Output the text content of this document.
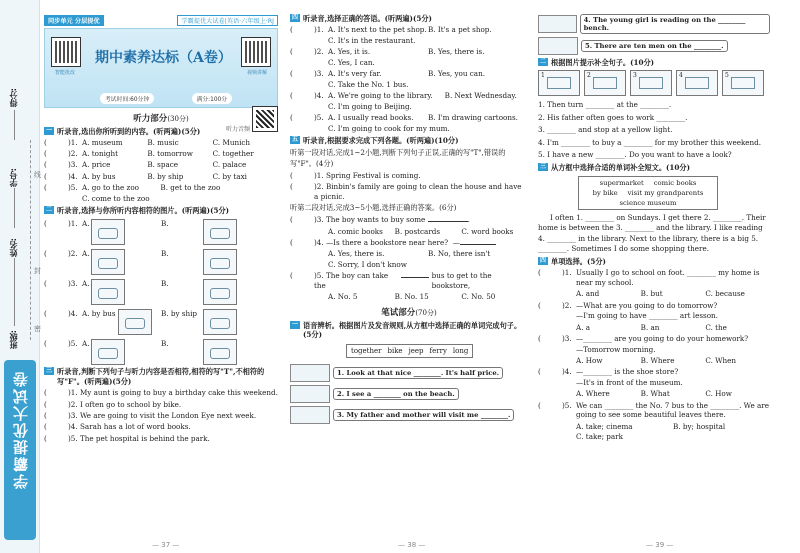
得分:
学号:
姓名:
班级:
线
封
密
学霸提优大试卷
同步单元 分层提优	学霸提优大试卷|英语·六年级上·RJ
智能批改
期中素养达标（A卷）
视频讲解
考试时间:60分钟	满分:100分
听力部分(30分)
听力音频
一 听录音,选出你所听到的内容。(听两遍)(5分)
(	)1. A. museum	B. music	C. Munich
(	)2. A. tonight	B. tomorrow	C. together
(	)3. A. price	B. space	C. palace
(	)4. A. by bus	B. by ship	C. by taxi
(	)5. A. go to the zoo	B. get to the zoo
C. come to the zoo
二 听录音,选择与你所听内容相符的图片。(听两遍)(5分)
(	)1. A.	B.
(	)2. A.	B.
(	)3. A.	B.
(	)4. A. by bus	B. by ship
(	)5. A.	B.
三 听录音,判断下列句子与听力内容是否相符,相符的写"T",不相符的写"F"。(听两遍)(5分)
(	)1. My aunt is going to buy a birthday cake this weekend.
(	)2. I often go to school by bike.
(	)3. We are going to visit the London Eye next week.
(	)4. Sarah has a lot of word books.
(	)5. The pet hospital is behind the park.
— 37 —
四 听录音,选择正确的答语。(听两遍)(5分)
(	)1. A. It's next to the pet shop. B. It's a pet shop.
C. It's in the restaurant.
(	)2. A. Yes, it is.	B. Yes, there is.
C. Yes, I can.
(	)3. A. It's very far.	B. Yes, you can.
C. Take the No. 1 bus.
(	)4. A. We're going to the library.	B. Next Wednesday.
C. I'm going to Beijing.
(	)5. A. I usually read books.	B. I'm drawing cartoons.
C. I'm going to cook for my mum.
五 听录音,根据要求完成下列各题。(听两遍)(10分)
听第一段对话,完成1~2小题,判断下列句子正误,正确的写"T",错误的写"F"。(4分)
(	)1. Spring Festival is coming.
(	)2. Binbin's family are going to clean the house and have a picnic.
听第二段对话,完成3~5小题,选择正确的答案。(6分)
(	)3. The boy wants to buy some
	.
A. comic books	B. postcards	C. word books
(	)4. —Is there a bookstore near here?
—
A. Yes, there is.	B. No, there isn't
C. Sorry, I don't know
(	)5. The boy can take the

bus to get to the bookstore,
A. No. 5	B. No. 15	C. No. 50
笔试部分(70分)
一 语音辨析。根据图片及发音规则,从方框中选择正确的单词完成句子。(5分)
together bike jeep ferry long
1. Look at that nice ________. It's half price.
2. I see a ________ on the beach.
3. My father and mother will visit me ________.
— 38 —
4. The young girl is reading on the ________ bench.
5. There are ten men on the ________.
二 根据图片提示补全句子。(10分)
1	2	3	4	5
1. Then turn ________ at the ________.
2. His father often goes to work ________.
3. ________ and stop at a yellow light.
4. I'm ________ to buy a ________ for my brother this weekend.
5. I have a new ________. Do you want to have a look?
三 从方框中选择合适的单词补全短文。(10分)
supermarket comic books
by bike visit my grandparents
science museum
I often 1. ________ on Sundays. I get there 2. ________. Their home is between the 3. ________ and the library. I like reading 4. ________ in the library. Next to the library, there is a big 5. ________. Sometimes I do some shopping there.
四 单项选择。(5分)
(	)1. Usually I go to school on foot. ________ my home is near my school.
A. and	B. but	C. because
(	)2. —What are you going to do tomorrow?
—I'm going to have ________ art lesson.
A. a	B. an	C. the
(	)3. —________ are you going to do your homework?
—Tomorrow morning.
A. How	B. Where	C. When
(	)4. —________ is the shoe store?
—It's in front of the museum.
A. Where	B. What	C. How
(	)5. We can ________ the No. 7 bus to the ________. We are going to see some beautiful leaves there.
A. take; cinema	B. by; hospital
C. take; park
— 39 —
